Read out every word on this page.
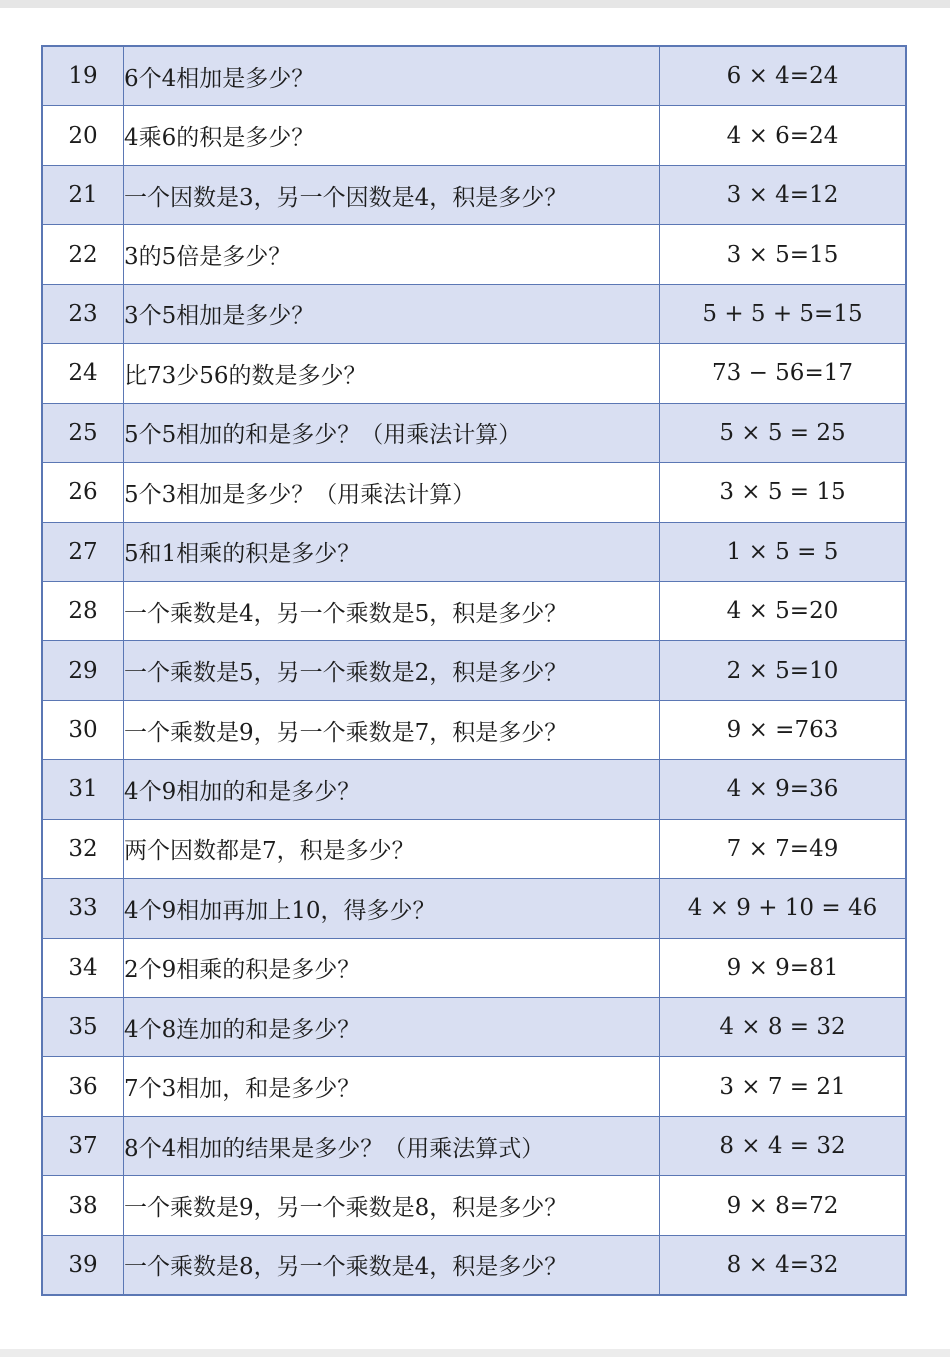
19	6个4相加是多少？	6 × 4=24
20	4乘6的积是多少？	4 × 6=24
21	一个因数是3，另一个因数是4，积是多少？	3 × 4=12
22	3的5倍是多少？	3 × 5=15
23	3个5相加是多少？	5 + 5 + 5=15
24	比73少56的数是多少？	73 − 56=17
25	5个5相加的和是多少？（用乘法计算）	5 × 5 = 25
26	5个3相加是多少？（用乘法计算）	3 × 5 = 15
27	5和1相乘的积是多少？	1 × 5 = 5
28	一个乘数是4，另一个乘数是5，积是多少？	4 × 5=20
29	一个乘数是5，另一个乘数是2，积是多少？	2 × 5=10
30	一个乘数是9，另一个乘数是7，积是多少？	9 × =763
31	4个9相加的和是多少？	4 × 9=36
32	两个因数都是7，积是多少？	7 × 7=49
33	4个9相加再加上10，得多少？	4 × 9 + 10 = 46
34	2个9相乘的积是多少？	9 × 9=81
35	4个8连加的和是多少？	4 × 8 = 32
36	7个3相加，和是多少？	3 × 7 = 21
37	8个4相加的结果是多少？（用乘法算式）	8 × 4 = 32
38	一个乘数是9，另一个乘数是8，积是多少？	9 × 8=72
39	一个乘数是8，另一个乘数是4，积是多少？	8 × 4=32
